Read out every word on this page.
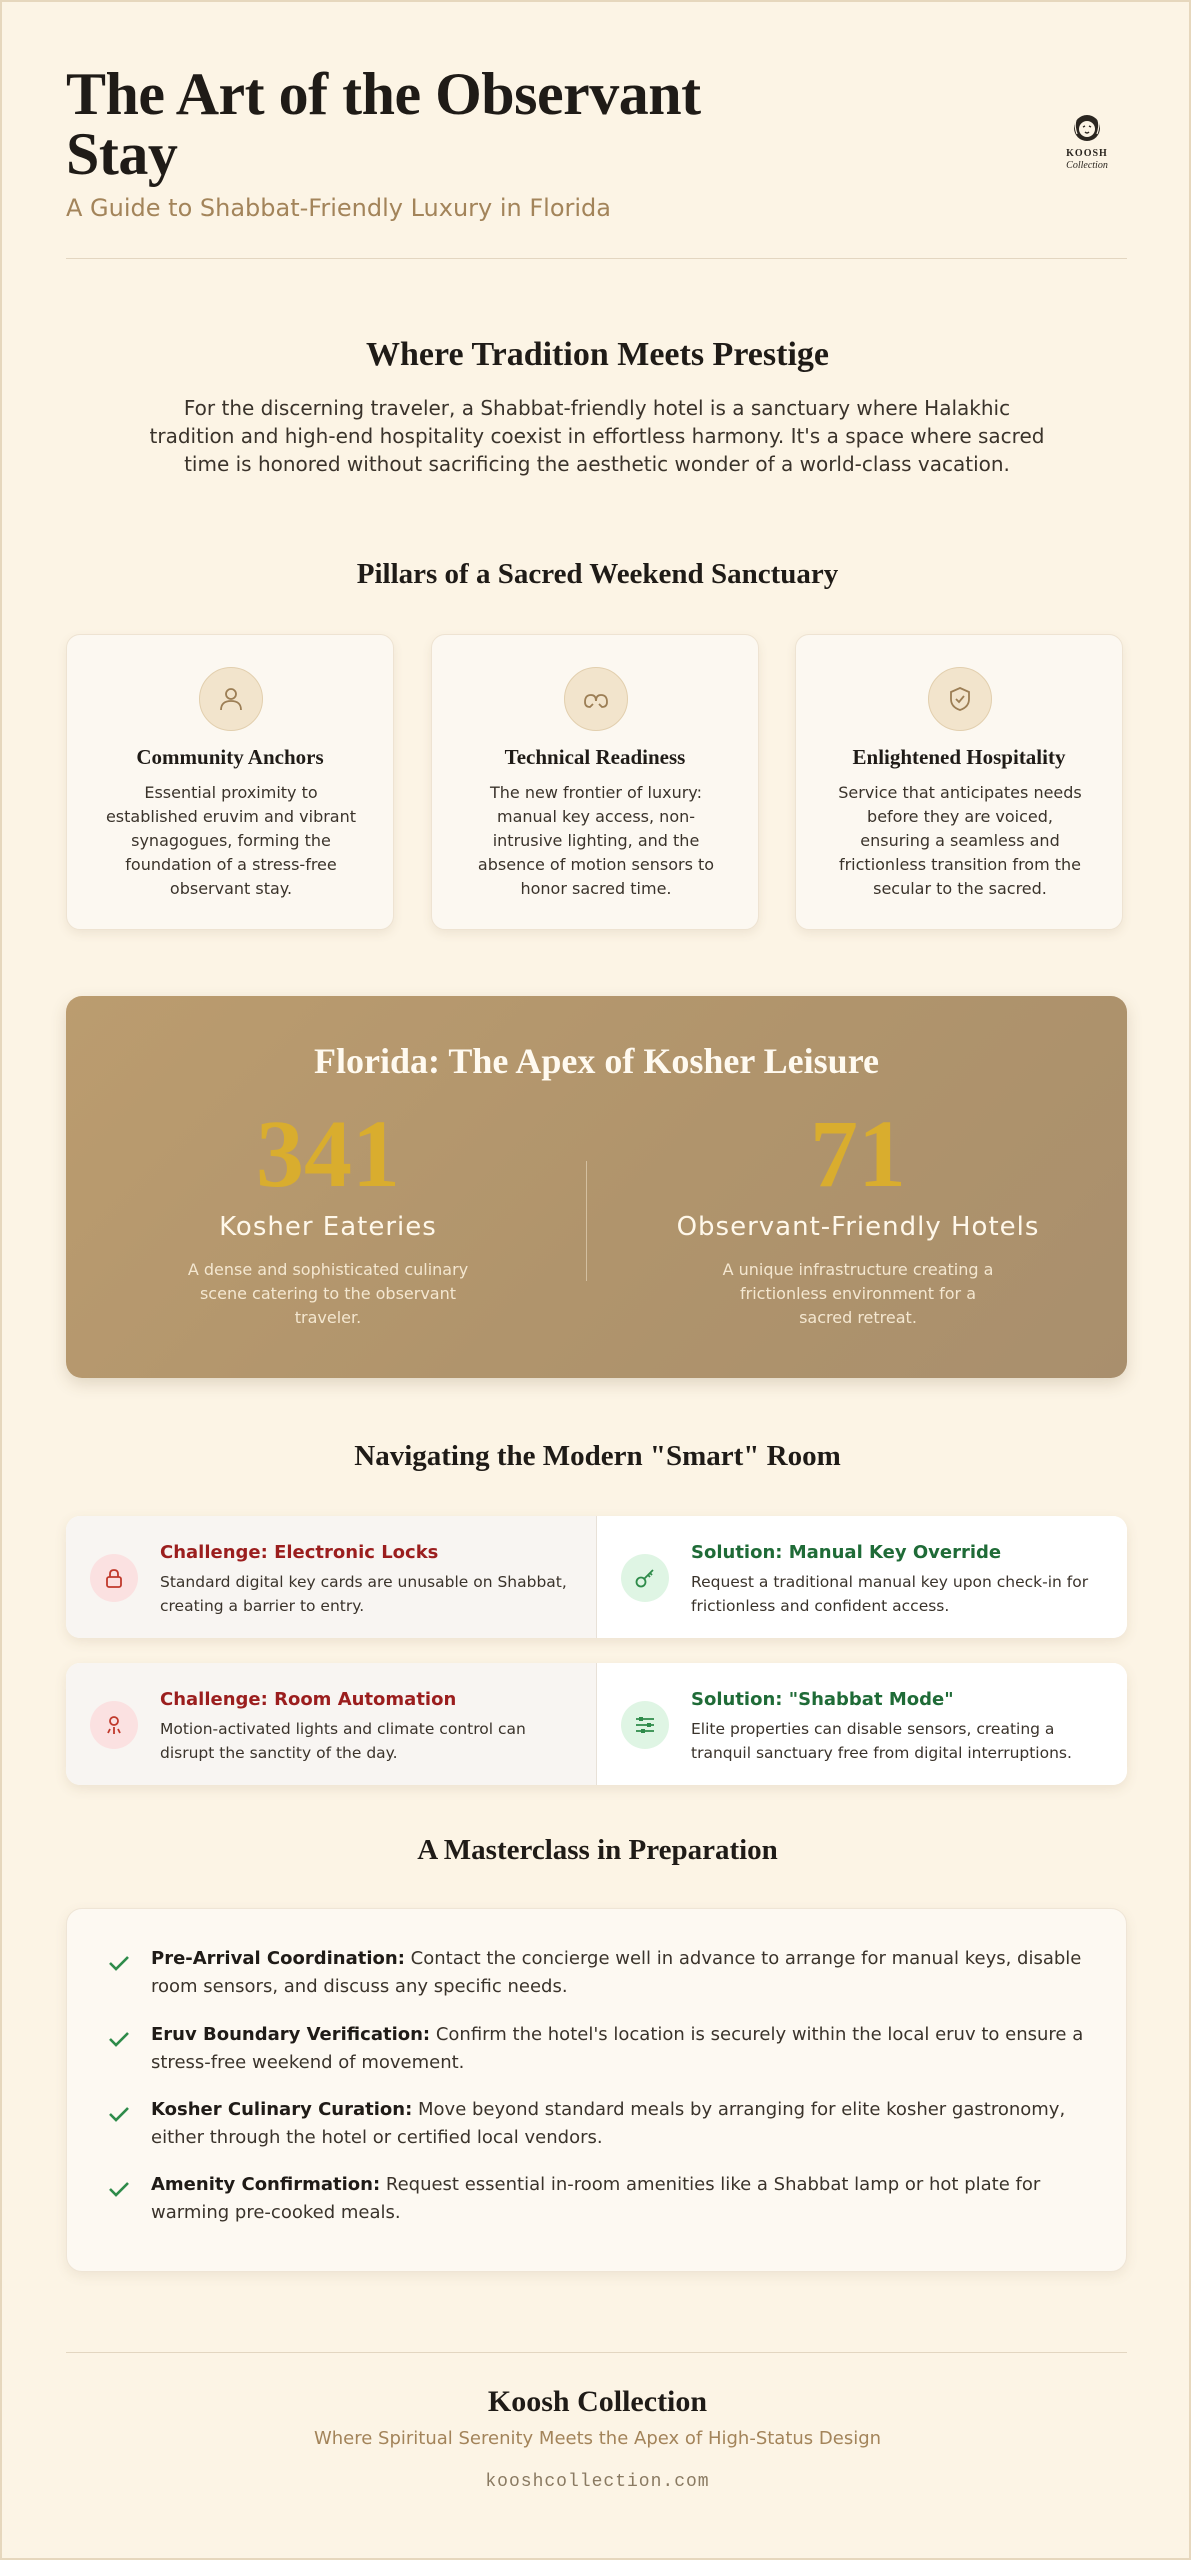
The Art of the Observant Stay
A Guide to Shabbat-Friendly Luxury in Florida
KOOSH
Collection
Where Tradition Meets Prestige
For the discerning traveler, a Shabbat-friendly hotel is a sanctuary where Halakhic tradition and high-end hospitality coexist in effortless harmony. It's a space where sacred time is honored without sacrificing the aesthetic wonder of a world-class vacation.
Pillars of a Sacred Weekend Sanctuary
Community Anchors
Essential proximity to established eruvim and vibrant synagogues, forming the foundation of a stress-free observant stay.
Technical Readiness
The new frontier of luxury: manual key access, non-intrusive lighting, and the absence of motion sensors to honor sacred time.
Enlightened Hospitality
Service that anticipates needs before they are voiced, ensuring a seamless and frictionless transition from the secular to the sacred.
Florida: The Apex of Kosher Leisure
341
Kosher Eateries
A dense and sophisticated culinary scene catering to the observant traveler.
71
Observant-Friendly Hotels
A unique infrastructure creating a frictionless environment for a sacred retreat.
Navigating the Modern "Smart" Room
Challenge: Electronic Locks
Standard digital key cards are unusable on Shabbat, creating a barrier to entry.
Solution: Manual Key Override
Request a traditional manual key upon check-in for frictionless and confident access.
Challenge: Room Automation
Motion-activated lights and climate control can disrupt the sanctity of the day.
Solution: "Shabbat Mode"
Elite properties can disable sensors, creating a tranquil sanctuary free from digital interruptions.
A Masterclass in Preparation
Pre-Arrival Coordination: Contact the concierge well in advance to arrange for manual keys, disable room sensors, and discuss any specific needs.
Eruv Boundary Verification: Confirm the hotel's location is securely within the local eruv to ensure a stress-free weekend of movement.
Kosher Culinary Curation: Move beyond standard meals by arranging for elite kosher gastronomy, either through the hotel or certified local vendors.
Amenity Confirmation: Request essential in-room amenities like a Shabbat lamp or hot plate for warming pre-cooked meals.
Koosh Collection
Where Spiritual Serenity Meets the Apex of High-Status Design
kooshcollection.com
